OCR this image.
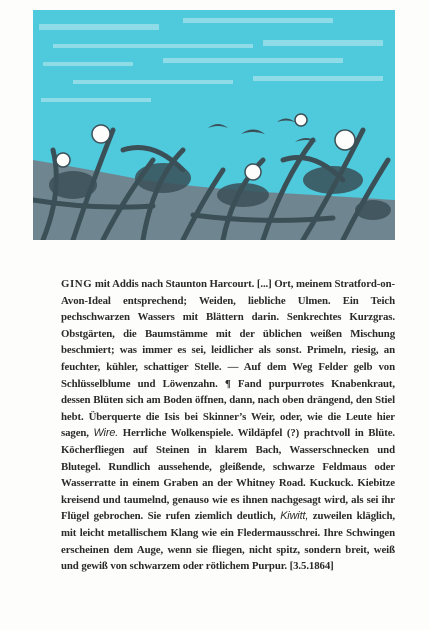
GING mit Addis nach Staunton Harcourt. [...] Ort, meinem Stratford-on-Avon-Ideal entsprechend; Weiden, liebliche Ulmen. Ein Teich pechschwarzen Wassers mit Blättern darin. Senkrechtes Kurzgras. Obstgärten, die Baumstämme mit der üblichen weißen Mischung beschmiert; was immer es sei, leidlicher als sonst. Primeln, riesig, an feuchter, kühler, schattiger Stelle. — Auf dem Weg Felder gelb von Schlüsselblume und Löwenzahn. ¶ Fand purpurrotes Knabenkraut, dessen Blüten sich am Boden öffnen, dann, nach oben drängend, den Stiel hebt. Überquerte die Isis bei Skinner’s Weir, oder, wie die Leute hier sagen, Wire. Herrliche Wolkenspiele. Wildäpfel (?) prachtvoll in Blüte. Köcherfliegen auf Steinen in klarem Bach, Wasserschnecken und Blutegel. Rundlich aussehende, gleißende, schwarze Feldmaus oder Wasserratte in einem Graben an der Whitney Road. Kuckuck. Kiebitze kreisend und taumelnd, genauso wie es ihnen nachgesagt wird, als sei ihr Flügel gebrochen. Sie rufen ziemlich deutlich, Kiwitt, zuweilen kläglich, mit leicht metallischem Klang wie ein Fledermausschrei. Ihre Schwingen erscheinen dem Auge, wenn sie fliegen, nicht spitz, sondern breit, weiß und gewiß von schwarzem oder rötlichem Purpur. [3.5.1864]
